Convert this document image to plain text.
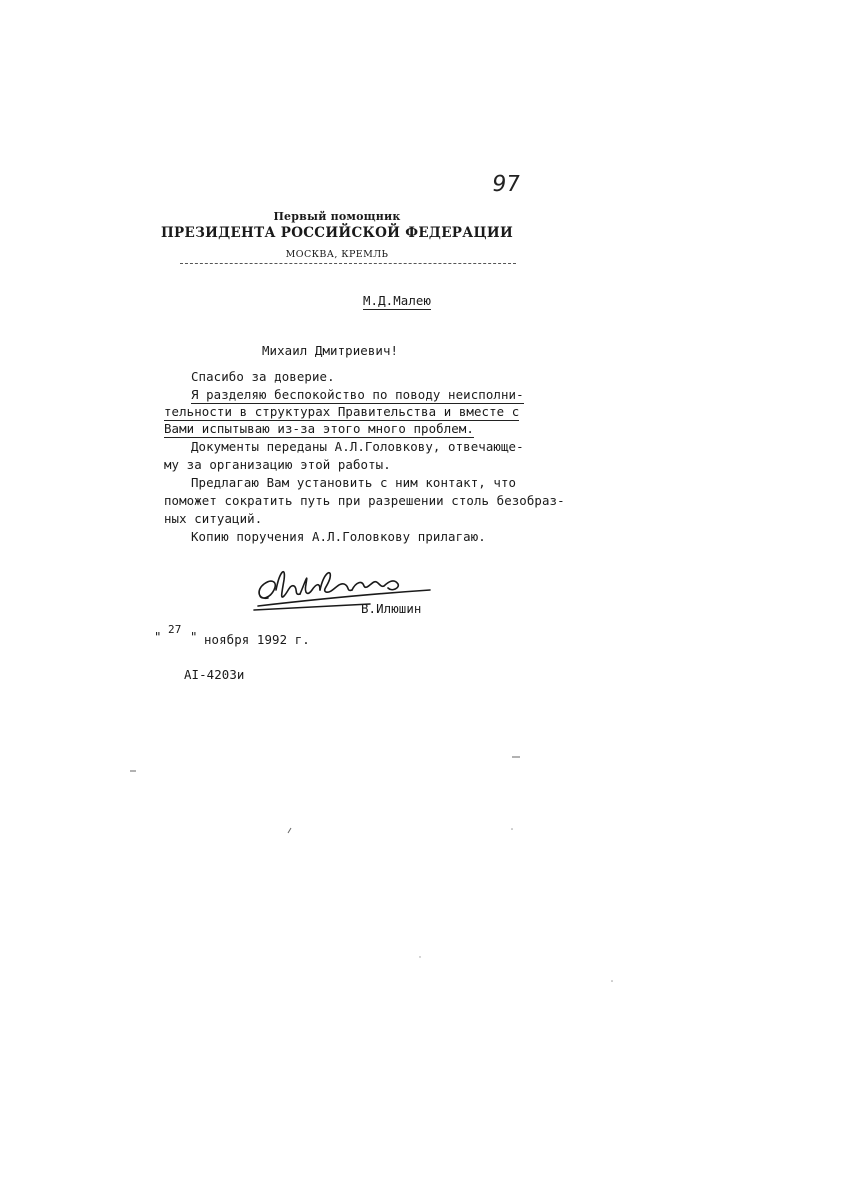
97
Первый помощник
ПРЕЗИДЕНТА РОССИЙСКОЙ ФЕДЕРАЦИИ
МОСКВА, КРЕМЛЬ
М.Д.Малею
Михаил Дмитриевич!
Спасибо за доверие.
Я разделяю беспокойство по поводу неисполни-
тельности в структурах Правительства и вместе с
Вами испытываю из-за этого много проблем.
Документы переданы А.Л.Головкову, отвечающе-
му за организацию этой работы.
Предлагаю Вам установить с ним контакт, что
поможет сократить путь при разрешении столь безобраз-
ных ситуаций.
Копию поручения А.Л.Головкову прилагаю.
В.Илюшин
" 27 " ноября 1992 г.
АI-4203и
